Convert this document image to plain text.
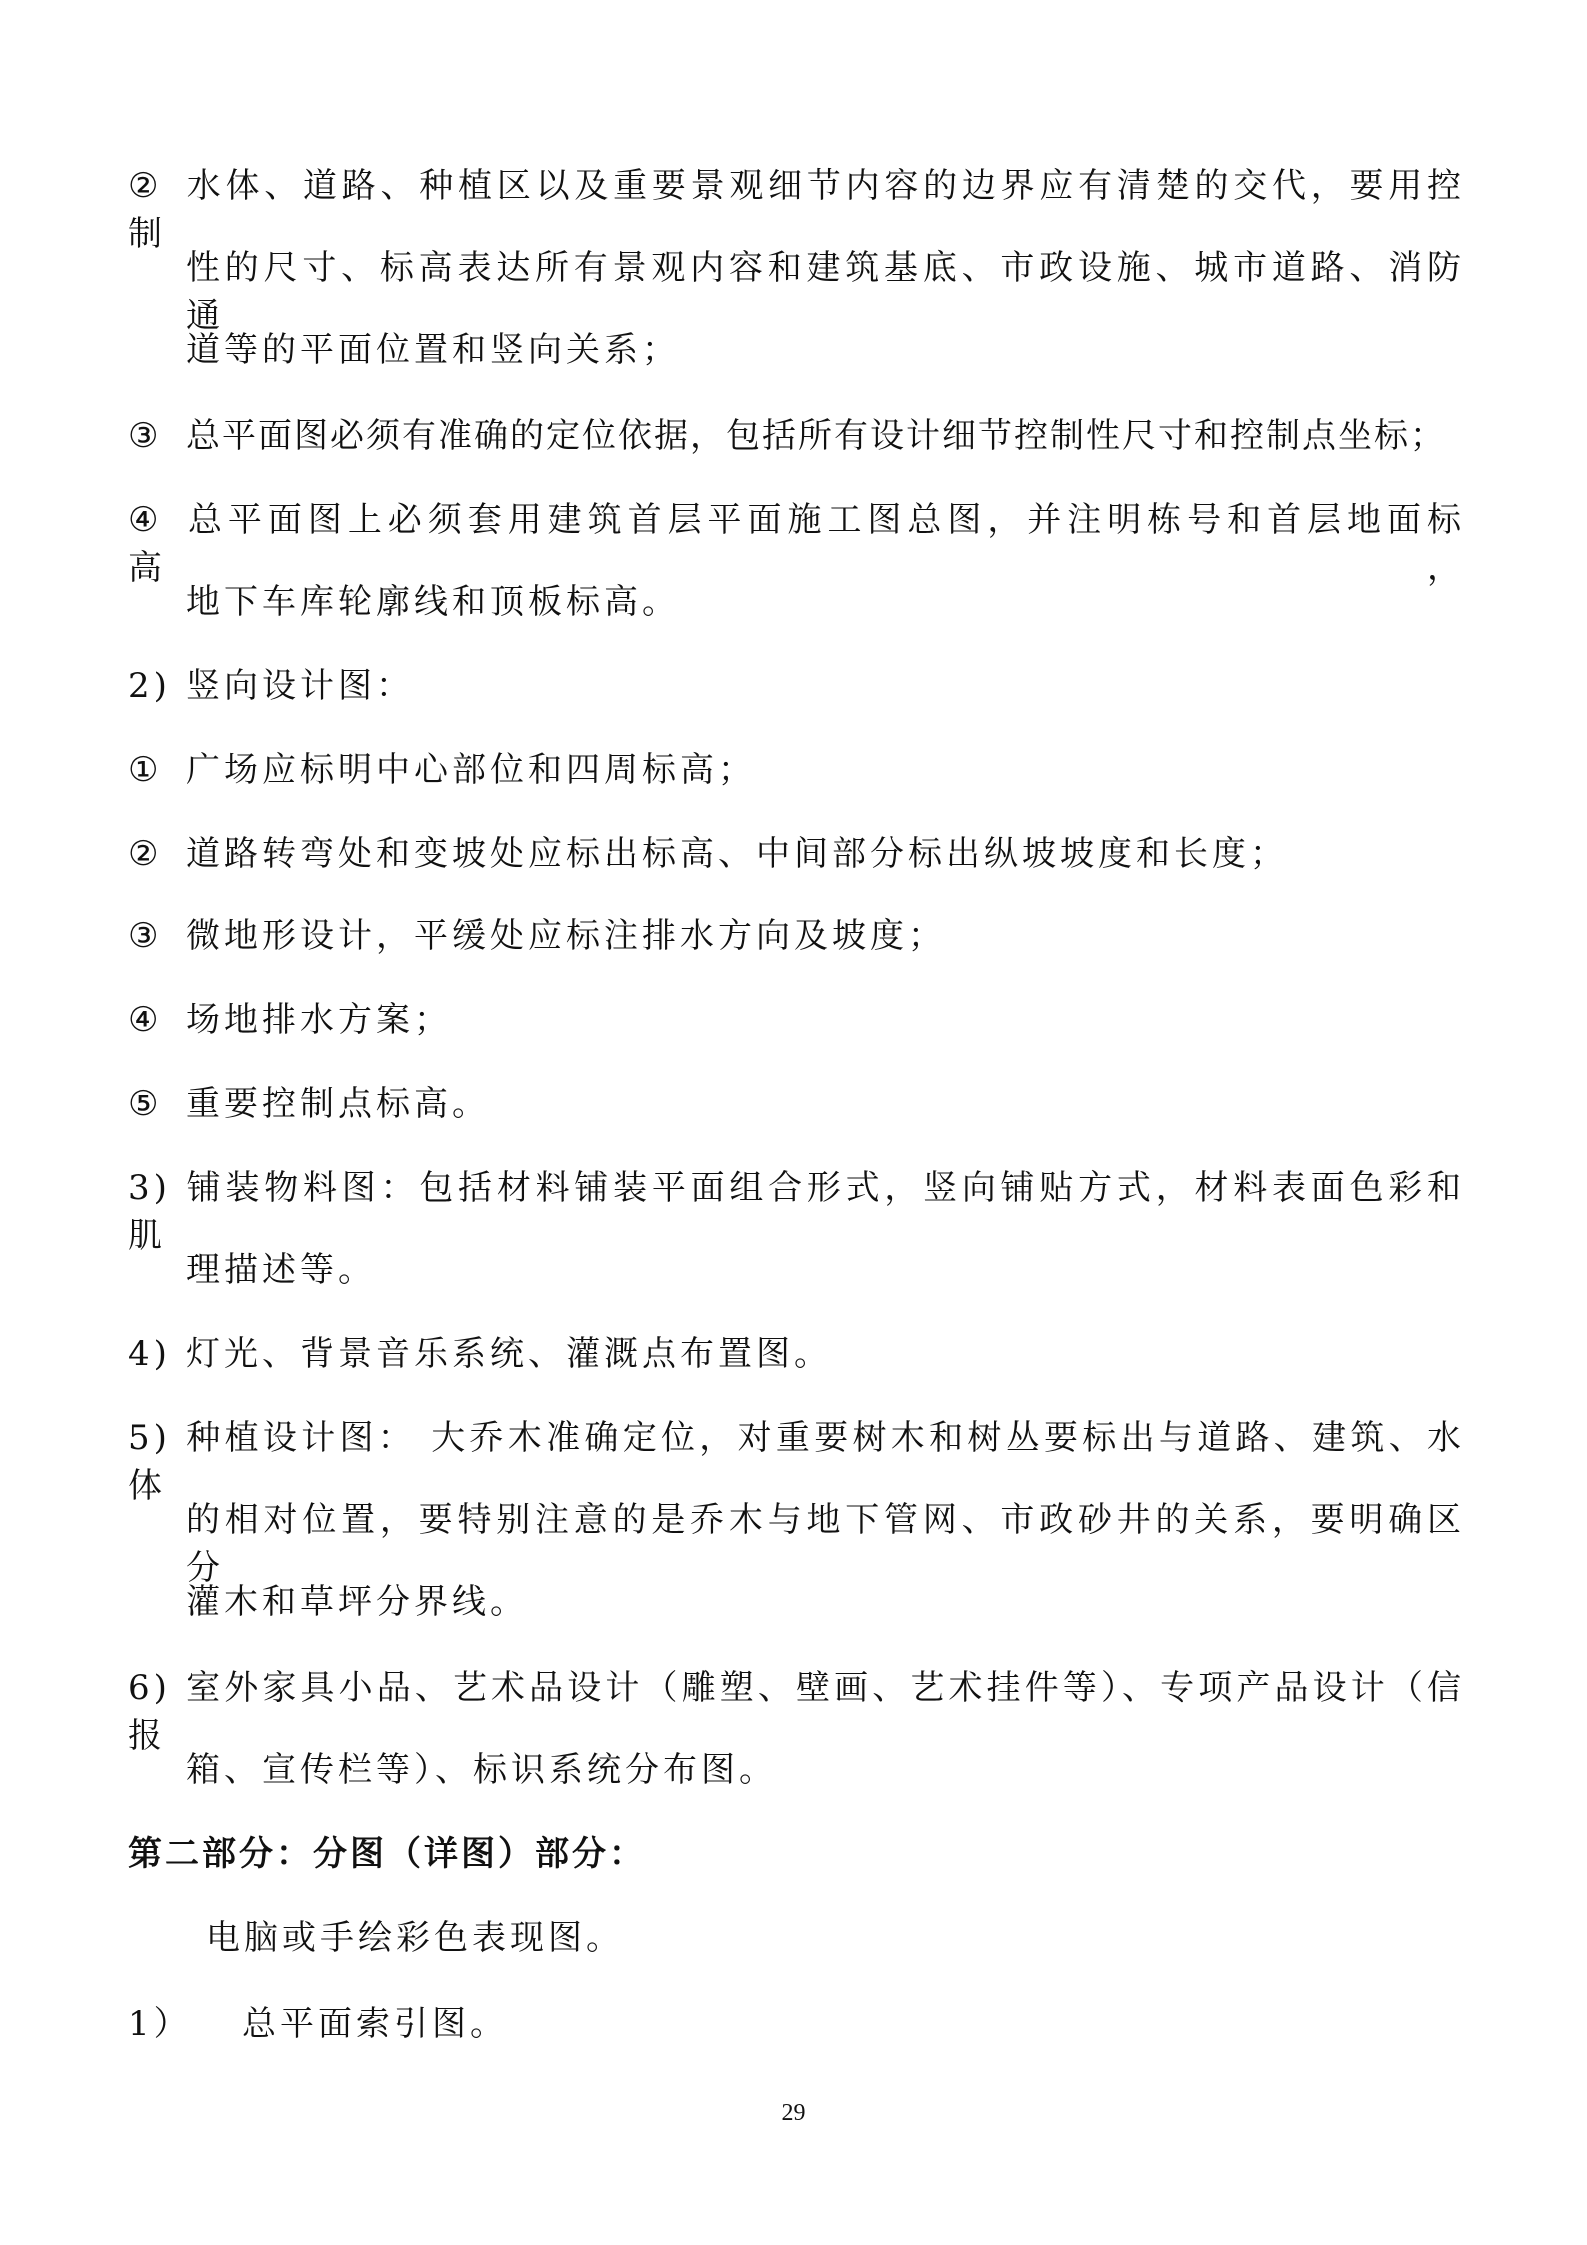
② 水体、道路、种植区以及重要景观细节内容的边界应有清楚的交代，要用控制
性的尺寸、标高表达所有景观内容和建筑基底、市政设施、城市道路、消防通
道等的平面位置和竖向关系；
③ 总平面图必须有准确的定位依据，包括所有设计细节控制性尺寸和控制点坐标；
④ 总平面图上必须套用建筑首层平面施工图总图，并注明栋号和首层地面标高，
地下车库轮廓线和顶板标高。
2) 竖向设计图：
① 广场应标明中心部位和四周标高；
② 道路转弯处和变坡处应标出标高、中间部分标出纵坡坡度和长度；
③ 微地形设计，平缓处应标注排水方向及坡度；
④ 场地排水方案；
⑤ 重要控制点标高。
3) 铺装物料图：包括材料铺装平面组合形式，竖向铺贴方式，材料表面色彩和肌
理描述等。
4) 灯光、背景音乐系统、灌溉点布置图。
5) 种植设计图： 大乔木准确定位，对重要树木和树丛要标出与道路、建筑、水体
的相对位置，要特别注意的是乔木与地下管网、市政砂井的关系，要明确区分
灌木和草坪分界线。
6) 室外家具小品、艺术品设计（雕塑、壁画、艺术挂件等）、专项产品设计（信报
箱、宣传栏等）、标识系统分布图。
第二部分：分图（详图）部分：
电脑或手绘彩色表现图。
1） 总平面索引图。
29
